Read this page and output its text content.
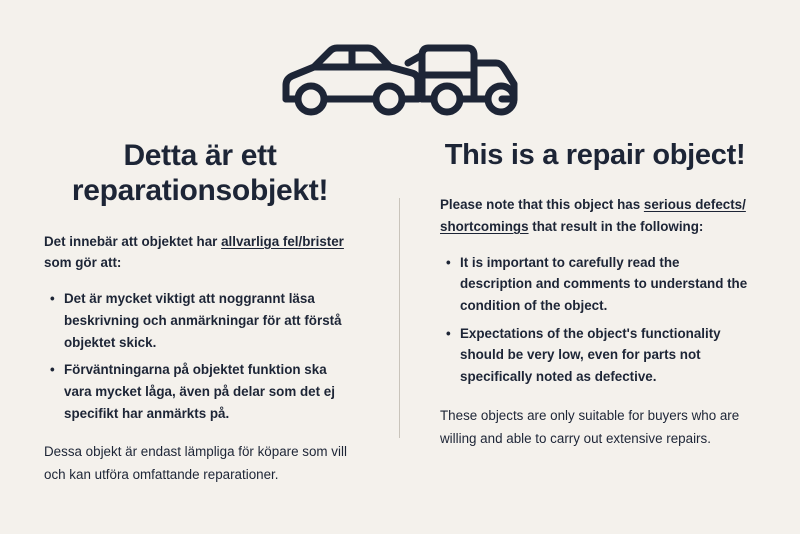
Detta är ett reparationsobjekt!

Det innebär att objektet har allvarliga fel/brister som gör att:

• Det är mycket viktigt att noggrannt läsa beskrivning och anmärkningar för att förstå objektet skick.
• Förväntningarna på objektet funktion ska vara mycket låga, även på delar som det ej specifikt har anmärkts på.

Dessa objekt är endast lämpliga för köpare som vill och kan utföra omfattande reparationer.

This is a repair object!

Please note that this object has serious defects/ shortcomings that result in the following:

• It is important to carefully read the description and comments to understand the condition of the object.
• Expectations of the object's functionality should be very low, even for parts not specifically noted as defective.

These objects are only suitable for buyers who are willing and able to carry out extensive repairs.
